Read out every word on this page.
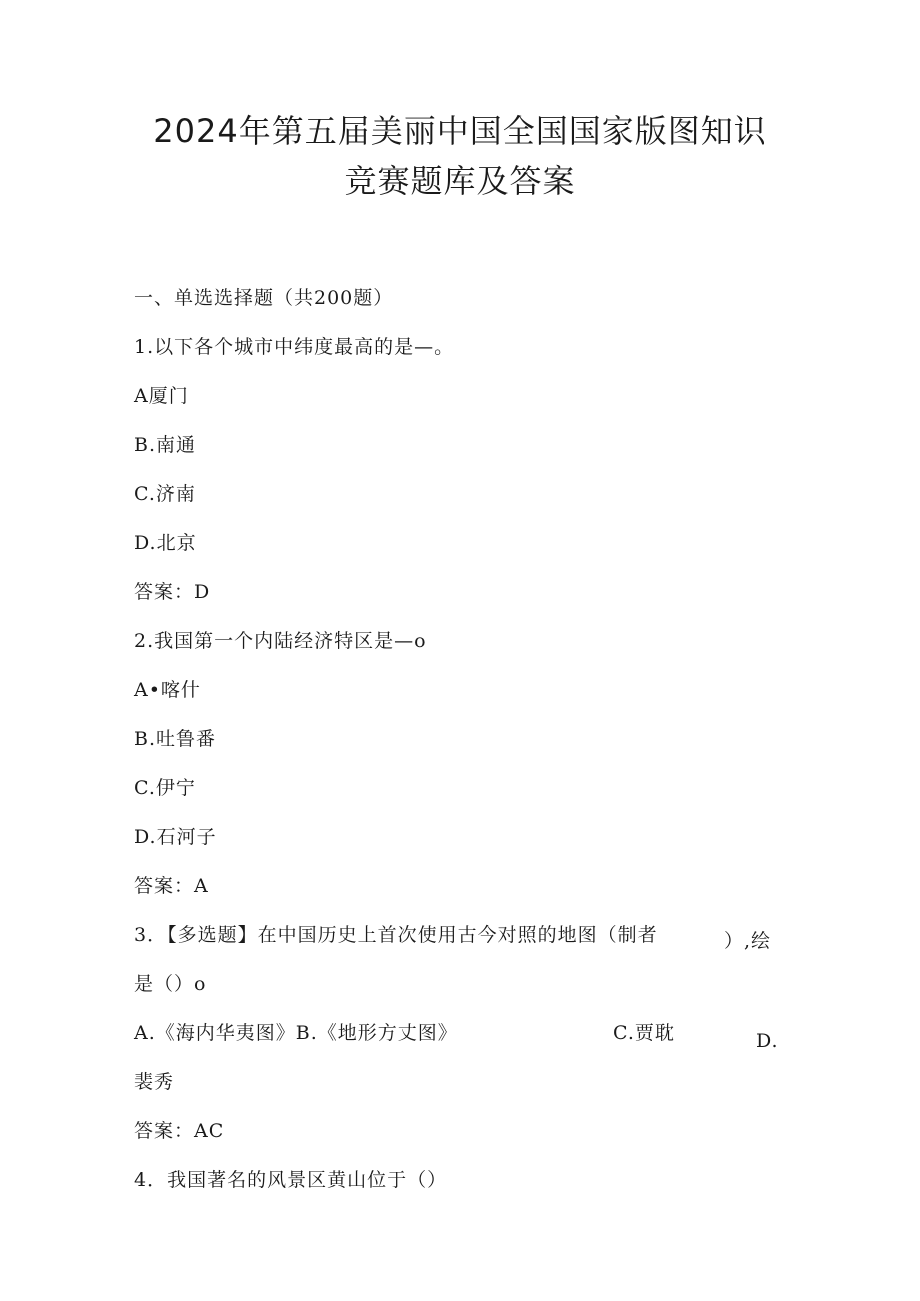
2024年第五届美丽中国全国国家版图知识
竞赛题库及答案
一、单选选择题（共200题）
1.以下各个城市中纬度最高的是—。
A厦门
B.南通
C.济南
D.北京
答案：D
2.我国第一个内陆经济特区是—o
A•喀什
B.吐鲁番
C.伊宁
D.石河子
答案：A
3．【多选题】在中国历史上首次使用古今对照的地图（制者	）,绘
是（）o
A.《海内华夷图》B.《地形方丈图》	C.贾耽	D.
裴秀
答案：AC
4．我国著名的风景区黄山位于（）
